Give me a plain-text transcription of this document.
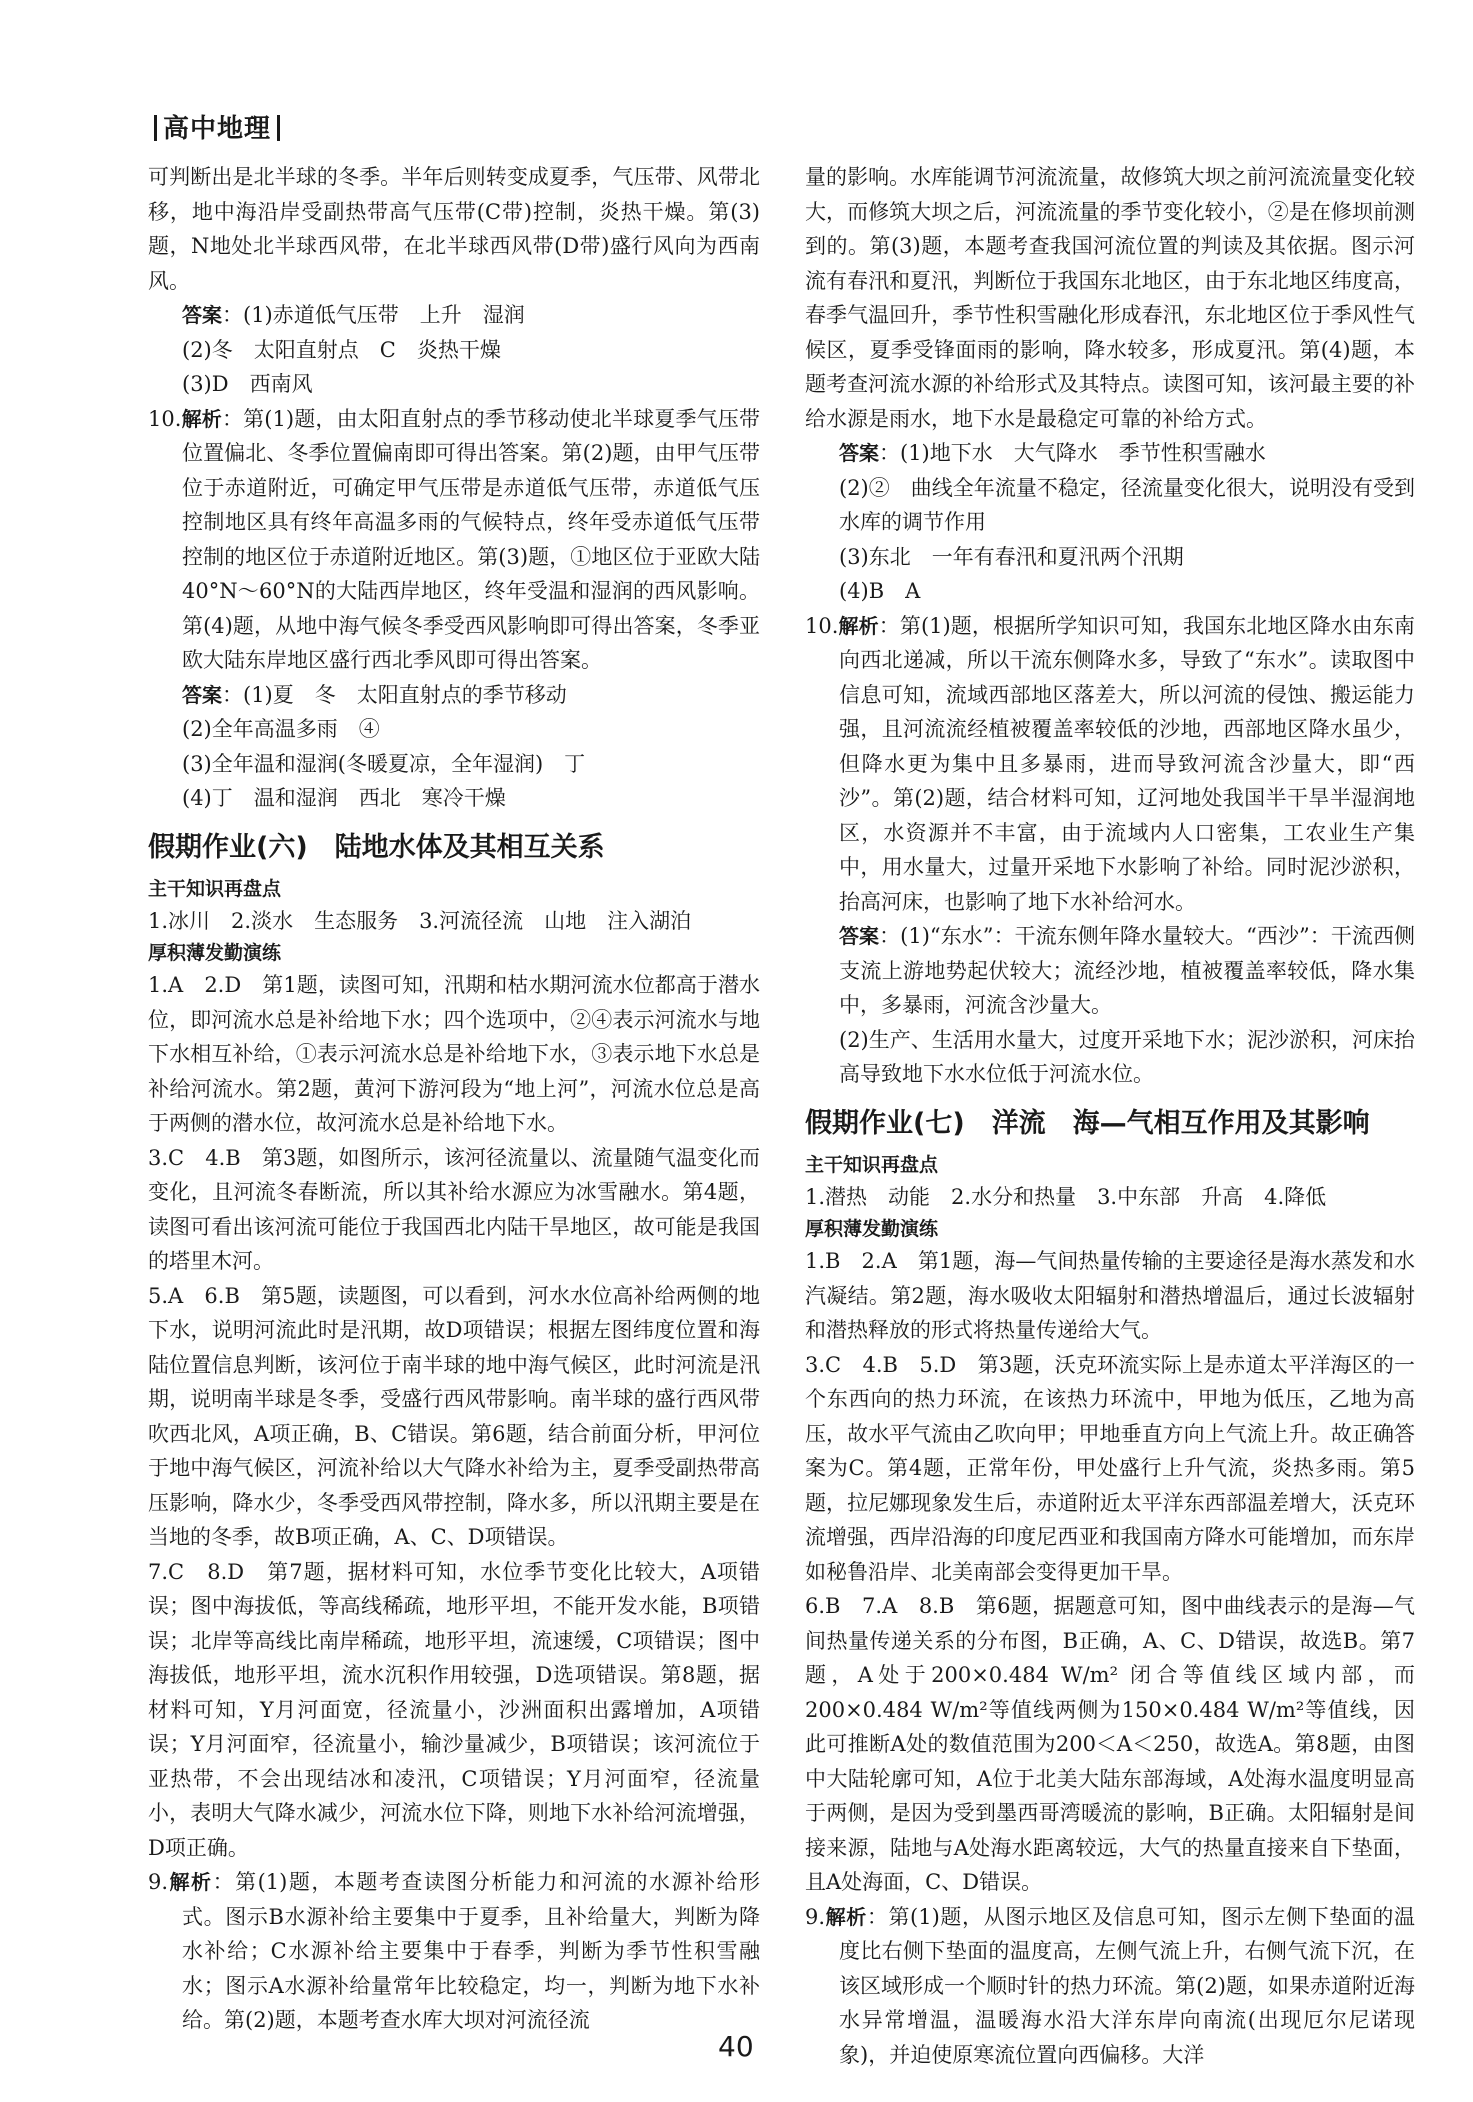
高中地理

可判断出是北半球的冬季。半年后则转变成夏季，气压带、风带北移，地中海沿岸受副热带高气压带(C带)控制，炎热干燥。第(3)题，N地处北半球西风带，在北半球西风带(D带)盛行风向为西南风。

答案：(1)赤道低气压带　上升　湿润

(2)冬　太阳直射点　C　炎热干燥

(3)D　西南风

10.解析：第(1)题，由太阳直射点的季节移动使北半球夏季气压带位置偏北、冬季位置偏南即可得出答案。第(2)题，由甲气压带位于赤道附近，可确定甲气压带是赤道低气压带，赤道低气压控制地区具有终年高温多雨的气候特点，终年受赤道低气压带控制的地区位于赤道附近地区。第(3)题，①地区位于亚欧大陆40°N～60°N的大陆西岸地区，终年受温和湿润的西风影响。第(4)题，从地中海气候冬季受西风影响即可得出答案，冬季亚欧大陆东岸地区盛行西北季风即可得出答案。

答案：(1)夏　冬　太阳直射点的季节移动

(2)全年高温多雨　④

(3)全年温和湿润(冬暖夏凉，全年湿润)　丁

(4)丁　温和湿润　西北　寒冷干燥

假期作业(六)　陆地水体及其相互关系

主干知识再盘点

1.冰川　2.淡水　生态服务　3.河流径流　山地　注入湖泊

厚积薄发勤演练

1.A　2.D　第1题，读图可知，汛期和枯水期河流水位都高于潜水位，即河流水总是补给地下水；四个选项中，②④表示河流水与地下水相互补给，①表示河流水总是补给地下水，③表示地下水总是补给河流水。第2题，黄河下游河段为“地上河”，河流水位总是高于两侧的潜水位，故河流水总是补给地下水。

3.C　4.B　第3题，如图所示，该河径流量以、流量随气温变化而变化，且河流冬春断流，所以其补给水源应为冰雪融水。第4题，读图可看出该河流可能位于我国西北内陆干旱地区，故可能是我国的塔里木河。

5.A　6.B　第5题，读题图，可以看到，河水水位高补给两侧的地下水，说明河流此时是汛期，故D项错误；根据左图纬度位置和海陆位置信息判断，该河位于南半球的地中海气候区，此时河流是汛期，说明南半球是冬季，受盛行西风带影响。南半球的盛行西风带吹西北风，A项正确，B、C错误。第6题，结合前面分析，甲河位于地中海气候区，河流补给以大气降水补给为主，夏季受副热带高压影响，降水少，冬季受西风带控制，降水多，所以汛期主要是在当地的冬季，故B项正确，A、C、D项错误。

7.C　8.D　第7题，据材料可知，水位季节变化比较大，A项错误；图中海拔低，等高线稀疏，地形平坦，不能开发水能，B项错误；北岸等高线比南岸稀疏，地形平坦，流速缓，C项错误；图中海拔低，地形平坦，流水沉积作用较强，D选项错误。第8题，据材料可知，Y月河面宽，径流量小，沙洲面积出露增加，A项错误；Y月河面窄，径流量小，输沙量减少，B项错误；该河流位于亚热带，不会出现结冰和凌汛，C项错误；Y月河面窄，径流量小，表明大气降水减少，河流水位下降，则地下水补给河流增强，D项正确。

9.解析：第(1)题，本题考查读图分析能力和河流的水源补给形式。图示B水源补给主要集中于夏季，且补给量大，判断为降水补给；C水源补给主要集中于春季，判断为季节性积雪融水；图示A水源补给量常年比较稳定，均一，判断为地下水补给。第(2)题，本题考查水库大坝对河流径流

量的影响。水库能调节河流流量，故修筑大坝之前河流流量变化较大，而修筑大坝之后，河流流量的季节变化较小，②是在修坝前测到的。第(3)题，本题考查我国河流位置的判读及其依据。图示河流有春汛和夏汛，判断位于我国东北地区，由于东北地区纬度高，春季气温回升，季节性积雪融化形成春汛，东北地区位于季风性气候区，夏季受锋面雨的影响，降水较多，形成夏汛。第(4)题，本题考查河流水源的补给形式及其特点。读图可知，该河最主要的补给水源是雨水，地下水是最稳定可靠的补给方式。

答案：(1)地下水　大气降水　季节性积雪融水

(2)②　曲线全年流量不稳定，径流量变化很大，说明没有受到水库的调节作用

(3)东北　一年有春汛和夏汛两个汛期

(4)B　A

10.解析：第(1)题，根据所学知识可知，我国东北地区降水由东南向西北递减，所以干流东侧降水多，导致了“东水”。读取图中信息可知，流域西部地区落差大，所以河流的侵蚀、搬运能力强，且河流流经植被覆盖率较低的沙地，西部地区降水虽少，但降水更为集中且多暴雨，进而导致河流含沙量大，即“西沙”。第(2)题，结合材料可知，辽河地处我国半干旱半湿润地区，水资源并不丰富，由于流域内人口密集，工农业生产集中，用水量大，过量开采地下水影响了补给。同时泥沙淤积，抬高河床，也影响了地下水补给河水。

答案：(1)“东水”：干流东侧年降水量较大。“西沙”：干流西侧支流上游地势起伏较大；流经沙地，植被覆盖率较低，降水集中，多暴雨，河流含沙量大。

(2)生产、生活用水量大，过度开采地下水；泥沙淤积，河床抬高导致地下水水位低于河流水位。

假期作业(七)　洋流　海—气相互作用及其影响

主干知识再盘点

1.潜热　动能　2.水分和热量　3.中东部　升高　4.降低

厚积薄发勤演练

1.B　2.A　第1题，海—气间热量传输的主要途径是海水蒸发和水汽凝结。第2题，海水吸收太阳辐射和潜热增温后，通过长波辐射和潜热释放的形式将热量传递给大气。

3.C　4.B　5.D　第3题，沃克环流实际上是赤道太平洋海区的一个东西向的热力环流，在该热力环流中，甲地为低压，乙地为高压，故水平气流由乙吹向甲；甲地垂直方向上气流上升。故正确答案为C。第4题，正常年份，甲处盛行上升气流，炎热多雨。第5题，拉尼娜现象发生后，赤道附近太平洋东西部温差增大，沃克环流增强，西岸沿海的印度尼西亚和我国南方降水可能增加，而东岸如秘鲁沿岸、北美南部会变得更加干旱。

6.B　7.A　8.B　第6题，据题意可知，图中曲线表示的是海—气间热量传递关系的分布图，B正确，A、C、D错误，故选B。第7题，A处于200×0.484 W/m² 闭合等值线区域内部，而200×0.484 W/m²等值线两侧为150×0.484 W/m²等值线，因此可推断A处的数值范围为200＜A＜250，故选A。第8题，由图中大陆轮廓可知，A位于北美大陆东部海域，A处海水温度明显高于两侧，是因为受到墨西哥湾暖流的影响，B正确。太阳辐射是间接来源，陆地与A处海水距离较远，大气的热量直接来自下垫面，且A处海面，C、D错误。

9.解析：第(1)题，从图示地区及信息可知，图示左侧下垫面的温度比右侧下垫面的温度高，左侧气流上升，右侧气流下沉，在该区域形成一个顺时针的热力环流。第(2)题，如果赤道附近海水异常增温，温暖海水沿大洋东岸向南流(出现厄尔尼诺现象)，并迫使原寒流位置向西偏移。大洋

40
